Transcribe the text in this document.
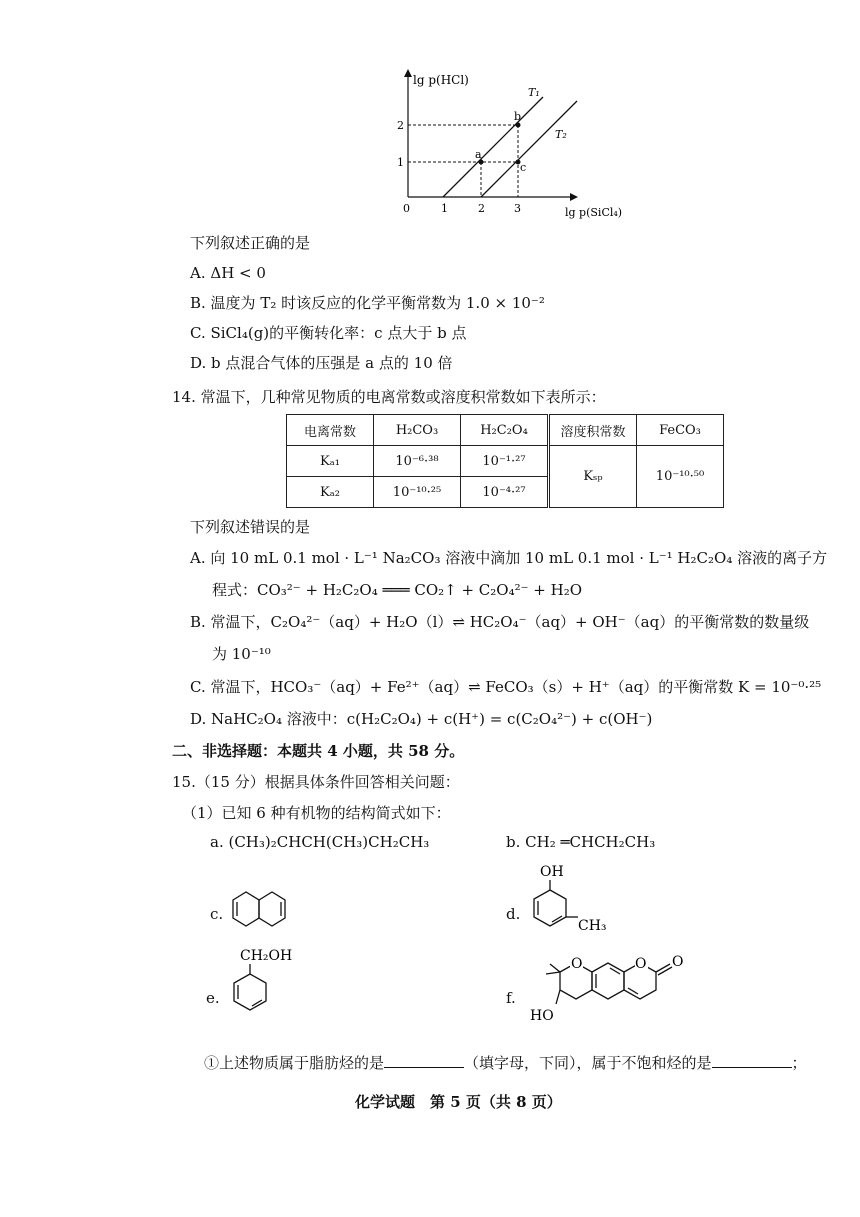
lg p(HCl)
lg p(SiCl₄)
0	1	2	3
1
2
T₁
T₂
a
b
c
下列叙述正确的是
A. ΔH < 0
B. 温度为 T₂ 时该反应的化学平衡常数为 1.0 × 10⁻²
C. SiCl₄(g)的平衡转化率：c 点大于 b 点
D. b 点混合气体的压强是 a 点的 10 倍
14. 常温下，几种常见物质的电离常数或溶度积常数如下表所示：
电离常数	H₂CO₃	H₂C₂O₄	溶度积常数	FeCO₃
Kₐ₁	10⁻⁶·³⁸	10⁻¹·²⁷	Kₛₚ	10⁻¹⁰·⁵⁰
Kₐ₂	10⁻¹⁰·²⁵	10⁻⁴·²⁷		
下列叙述错误的是
A. 向 10 mL 0.1 mol · L⁻¹ Na₂CO₃ 溶液中滴加 10 mL 0.1 mol · L⁻¹ H₂C₂O₄ 溶液的离子方
程式：CO₃²⁻ + H₂C₂O₄ ═══ CO₂↑ + C₂O₄²⁻ + H₂O
B. 常温下，C₂O₄²⁻（aq）+ H₂O（l）⇌ HC₂O₄⁻（aq）+ OH⁻（aq）的平衡常数的数量级
为 10⁻¹⁰
C. 常温下，HCO₃⁻（aq）+ Fe²⁺（aq）⇌ FeCO₃（s）+ H⁺（aq）的平衡常数 K = 10⁻⁰·²⁵
D. NaHC₂O₄ 溶液中：c(H₂C₂O₄) + c(H⁺) = c(C₂O₄²⁻) + c(OH⁻)
二、非选择题：本题共 4 小题，共 58 分。
15.（15 分）根据具体条件回答相关问题：
（1）已知 6 种有机物的结构简式如下：
a. (CH₃)₂CHCH(CH₃)CH₂CH₃	b. CH₂ ═CHCH₂CH₃
c.	d.
OH
CH₃
e.
CH₂OH
f.
O	O O
HO
①上述物质属于脂肪烃的是	（填字母，下同），属于不饱和烃的是	；
化学试题　第 5 页（共 8 页）
